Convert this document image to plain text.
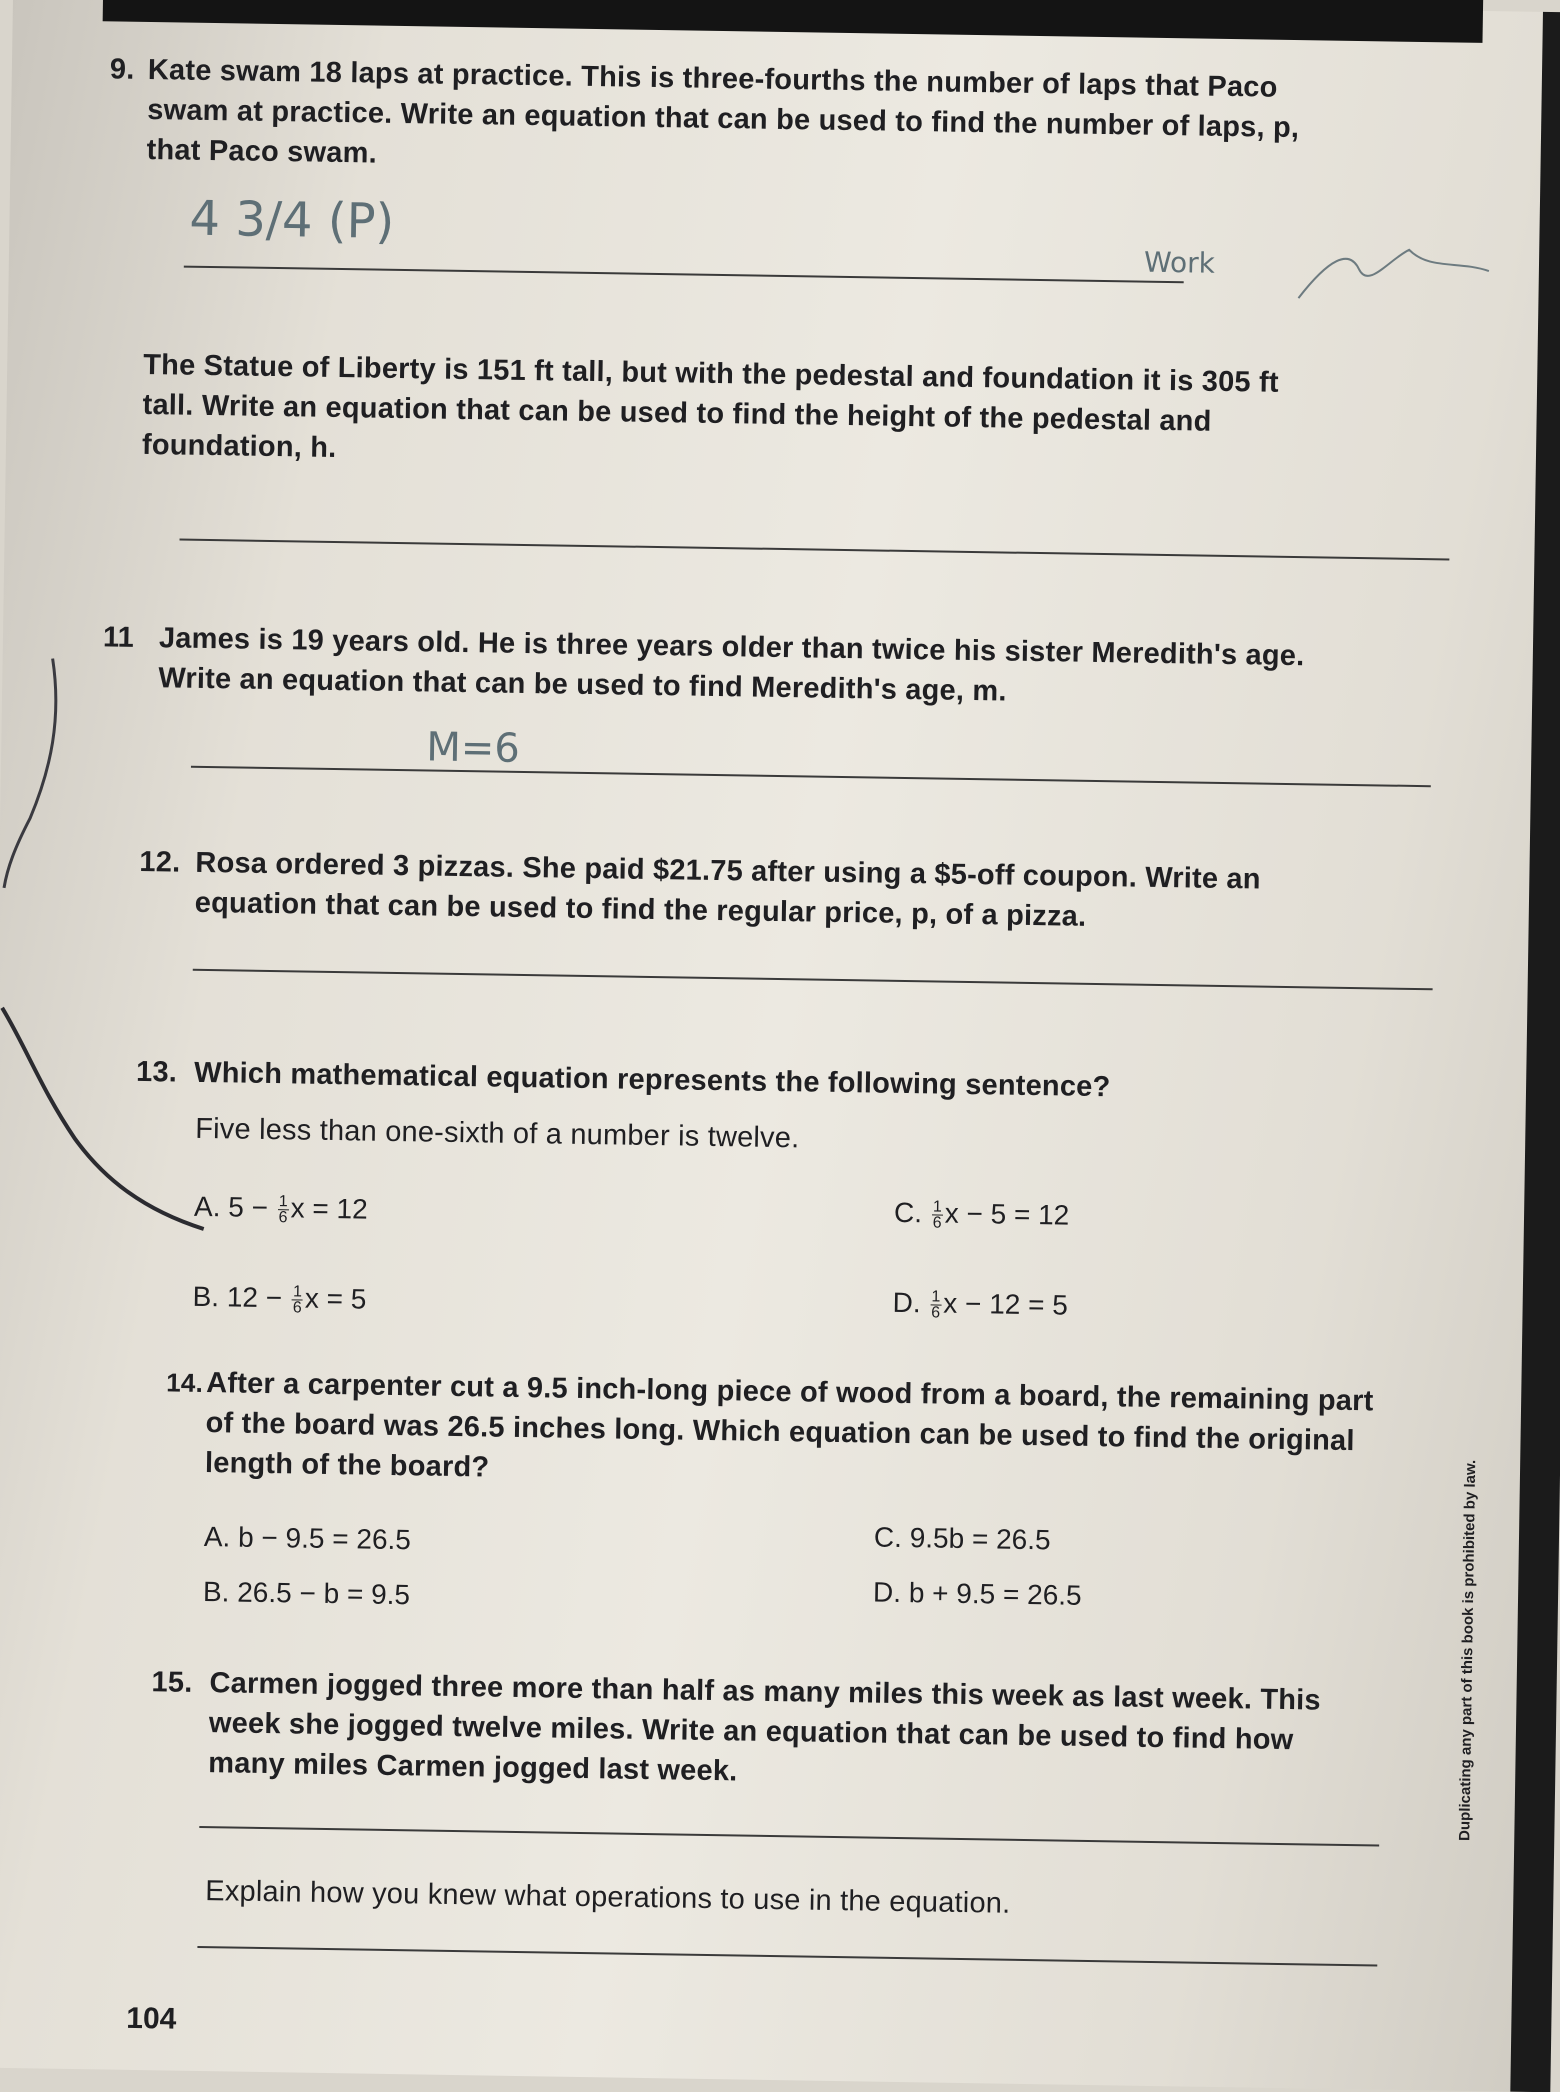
9. Kate swam 18 laps at practice. This is three-fourths the number of laps that Paco
swam at practice. Write an equation that can be used to find the number of laps, p,
that Paco swam.
4 3/4 (P)
Work
The Statue of Liberty is 151 ft tall, but with the pedestal and foundation it is 305 ft
tall. Write an equation that can be used to find the height of the pedestal and
foundation, h.
11 James is 19 years old. He is three years older than twice his sister Meredith's age.
Write an equation that can be used to find Meredith's age, m.
M=6
12. Rosa ordered 3 pizzas. She paid $21.75 after using a $5-off coupon. Write an
equation that can be used to find the regular price, p, of a pizza.
13. Which mathematical equation represents the following sentence?
Five less than one-sixth of a number is twelve.
A. $5 - \frac{1}{6}$ x = 12
B. $12 - \frac{1}{6}$ x = 5
C. $\frac{1}{6}$ x − 5 = 12
D. $\frac{1}{6}$ x − 12 = 5
14. After a carpenter cut a 9.5 inch-long piece of wood from a board, the remaining part
of the board was 26.5 inches long. Which equation can be used to find the original
length of the board?
A. b − 9.5 = 26.5
B. 26.5 − b = 9.5
C. 9.5b = 26.5
D. b + 9.5 = 26.5
15. Carmen jogged three more than half as many miles this week as last week. This
week she jogged twelve miles. Write an equation that can be used to find how
many miles Carmen jogged last week.
Explain how you knew what operations to use in the equation.
104
Duplicating any part of this book is prohibited by law.
